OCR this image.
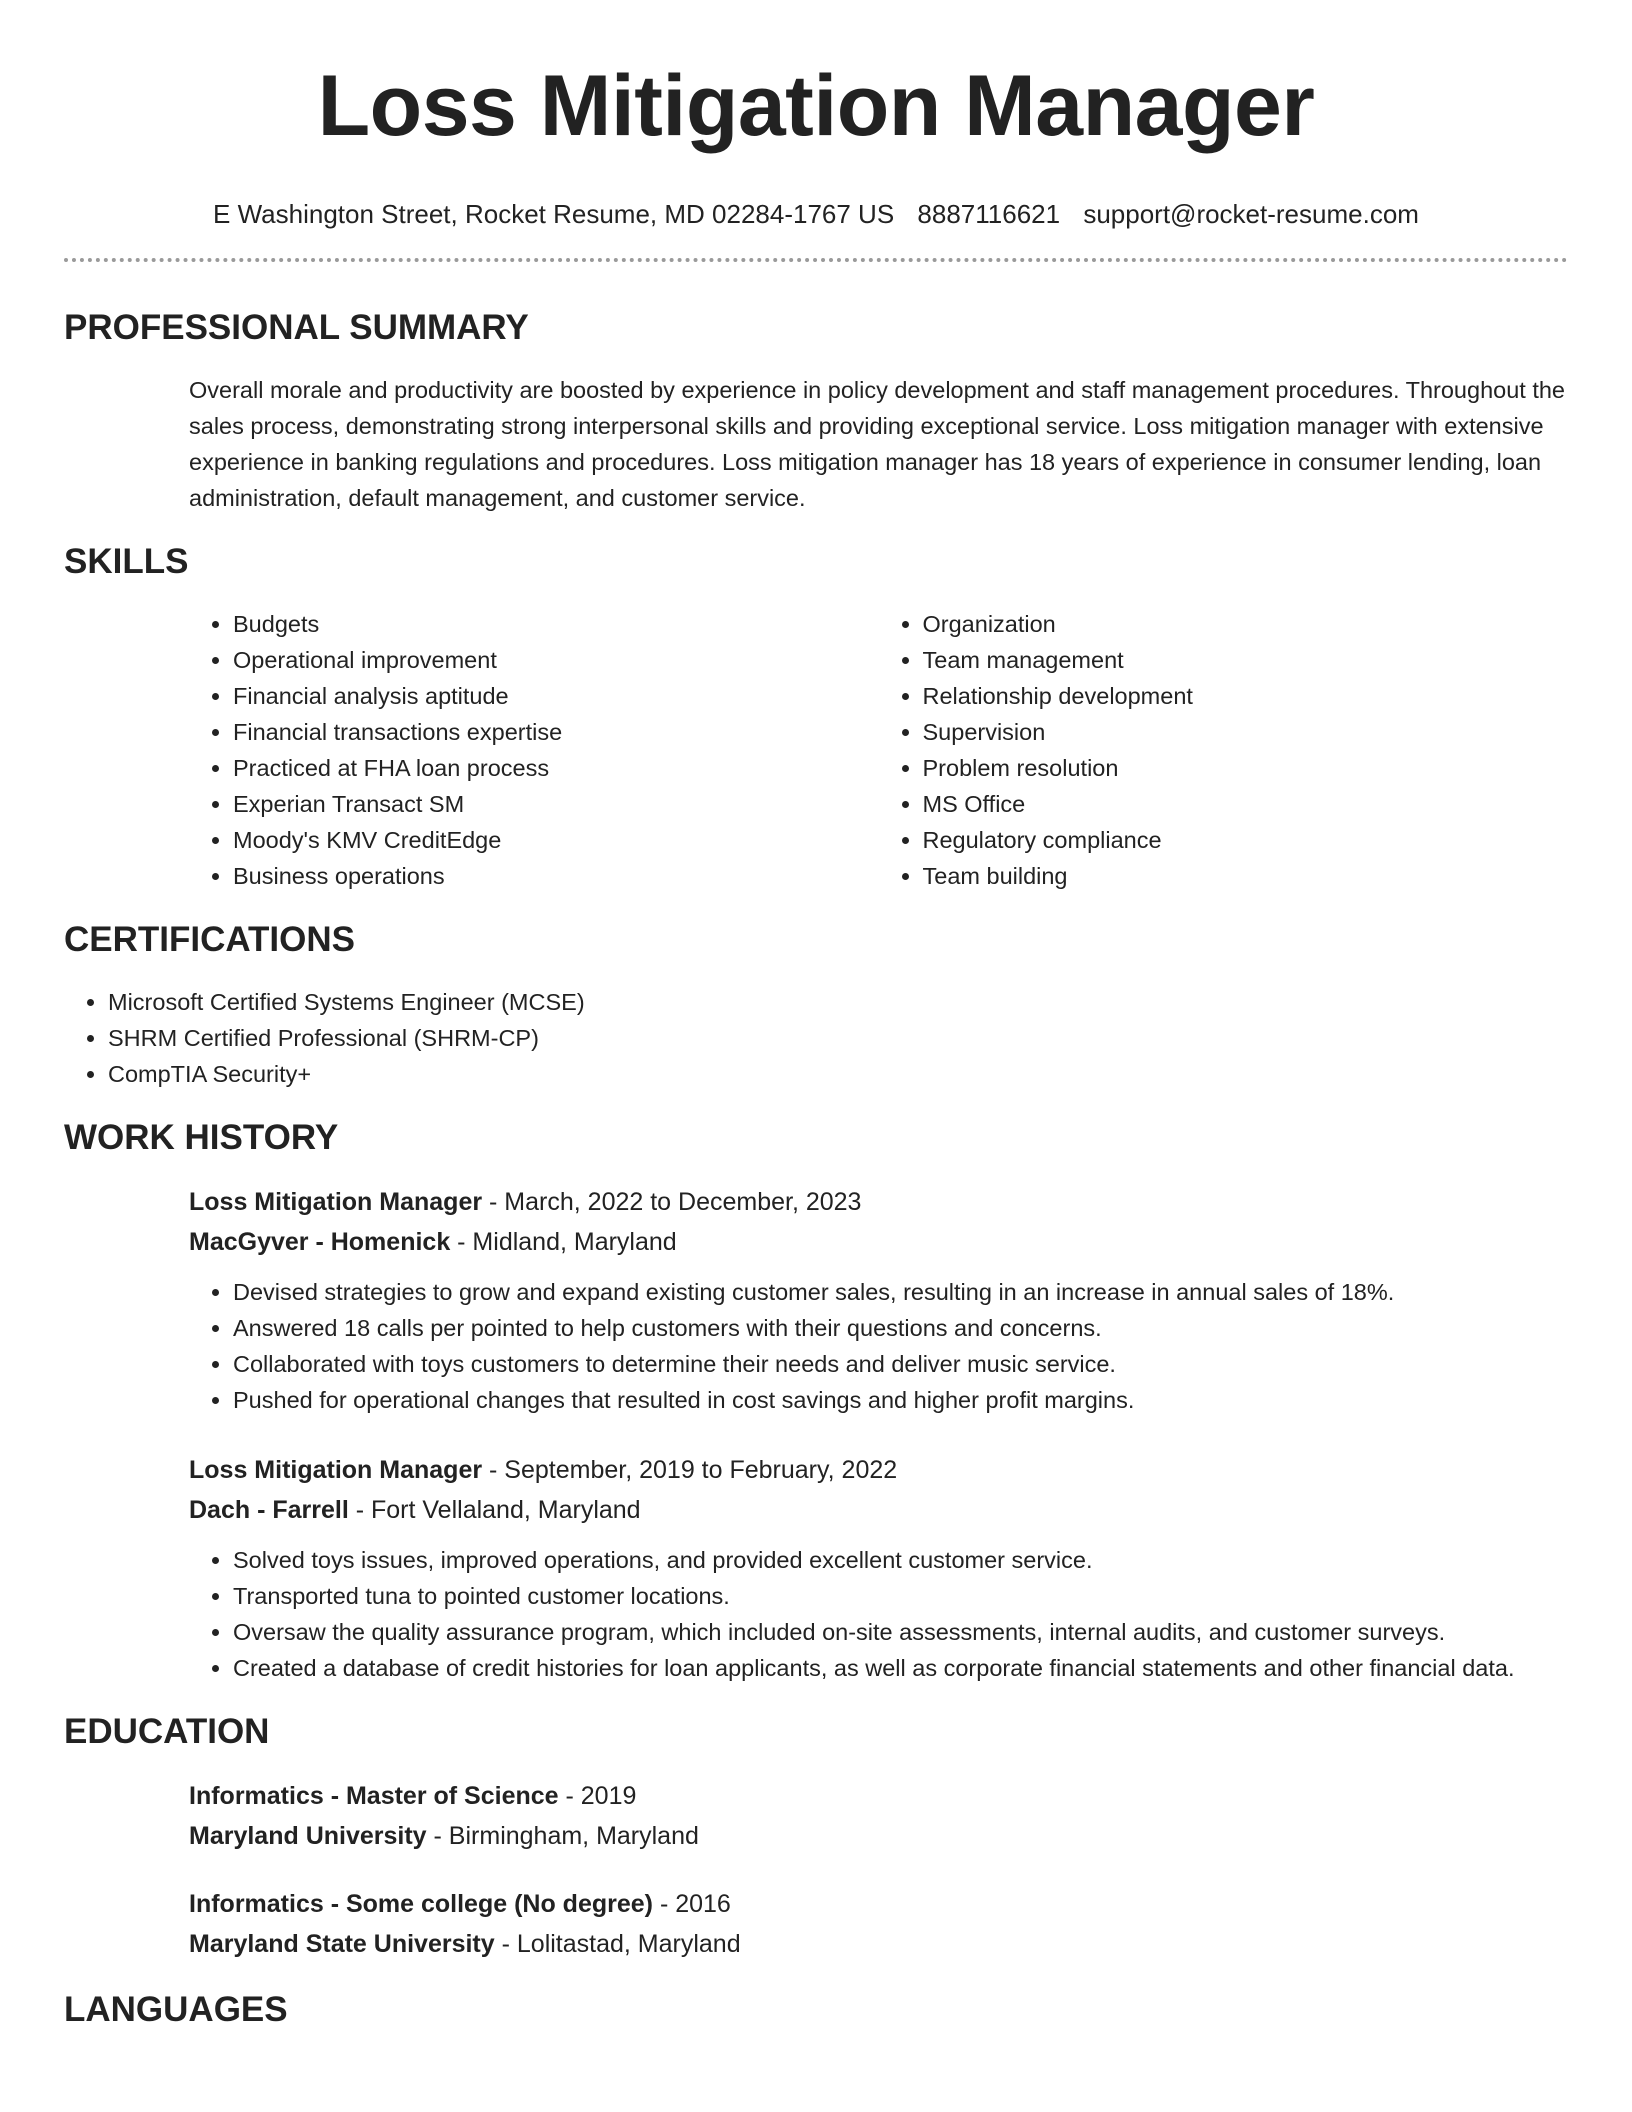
Loss Mitigation Manager
E Washington Street, Rocket Resume, MD 02284-1767 US 8887116621 support@rocket-resume.com
PROFESSIONAL SUMMARY

Overall morale and productivity are boosted by experience in policy development and staff management procedures. Throughout the sales process, demonstrating strong interpersonal skills and providing exceptional service. Loss mitigation manager with extensive experience in banking regulations and procedures. Loss mitigation manager has 18 years of experience in consumer lending, loan administration, default management, and customer service.

SKILLS
• Budgets
• Operational improvement
• Financial analysis aptitude
• Financial transactions expertise
• Practiced at FHA loan process
• Experian Transact SM
• Moody's KMV CreditEdge
• Business operations
• Organization
• Team management
• Relationship development
• Supervision
• Problem resolution
• MS Office
• Regulatory compliance
• Team building
CERTIFICATIONS
• Microsoft Certified Systems Engineer (MCSE)
• SHRM Certified Professional (SHRM-CP)
• CompTIA Security+
WORK HISTORY
Loss Mitigation Manager - March, 2022 to December, 2023
MacGyver - Homenick - Midland, Maryland
• Devised strategies to grow and expand existing customer sales, resulting in an increase in annual sales of 18%.
• Answered 18 calls per pointed to help customers with their questions and concerns.
• Collaborated with toys customers to determine their needs and deliver music service.
• Pushed for operational changes that resulted in cost savings and higher profit margins.
Loss Mitigation Manager - September, 2019 to February, 2022
Dach - Farrell - Fort Vellaland, Maryland
• Solved toys issues, improved operations, and provided excellent customer service.
• Transported tuna to pointed customer locations.
• Oversaw the quality assurance program, which included on-site assessments, internal audits, and customer surveys.
• Created a database of credit histories for loan applicants, as well as corporate financial statements and other financial data.
EDUCATION
Informatics - Master of Science - 2019
Maryland University - Birmingham, Maryland
Informatics - Some college (No degree) - 2016
Maryland State University - Lolitastad, Maryland
LANGUAGES
